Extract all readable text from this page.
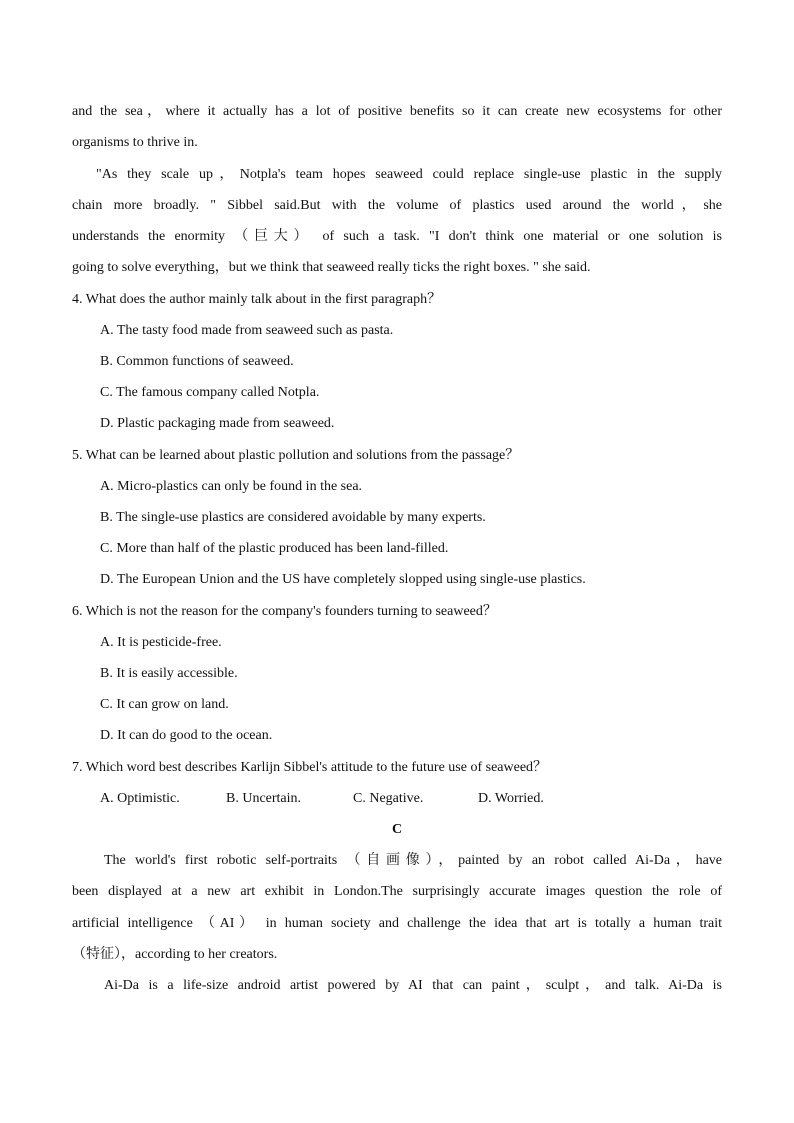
and the sea，where it actually has a lot of positive benefits so it can create new ecosystems for other
organisms to thrive in.
"As they scale up，Notpla's team hopes seaweed could replace single-use plastic in the supply
chain more broadly. " Sibbel said.But with the volume of plastics used around the world，she
understands the enormity （巨大） of such a task. "I don't think one material or one solution is
going to solve everything，but we think that seaweed really ticks the right boxes. " she said.
4. What does the author mainly talk about in the first paragraph？
A. The tasty food made from seaweed such as pasta.
B. Common functions of seaweed.
C. The famous company called Notpla.
D. Plastic packaging made from seaweed.
5. What can be learned about plastic pollution and solutions from the passage？
A. Micro-plastics can only be found in the sea.
B. The single-use plastics are considered avoidable by many experts.
C. More than half of the plastic produced has been land-filled.
D. The European Union and the US have completely slopped using single-use plastics.
6. Which is not the reason for the company's founders turning to seaweed？
A. It is pesticide-free.
B. It is easily accessible.
C. It can grow on land.
D. It can do good to the ocean.
7. Which word best describes Karlijn Sibbel's attitude to the future use of seaweed？
A. Optimistic.	B. Uncertain.	C. Negative.	D. Worried.
C
The world's first robotic self-portraits （自画像），painted by an robot called Ai-Da，have
been displayed at a new art exhibit in London.The surprisingly accurate images question the role of
artificial intelligence （AI） in human society and challenge the idea that art is totally a human trait
（特征），according to her creators.
Ai-Da is a life-size android artist powered by AI that can paint，sculpt，and talk. Ai-Da is
